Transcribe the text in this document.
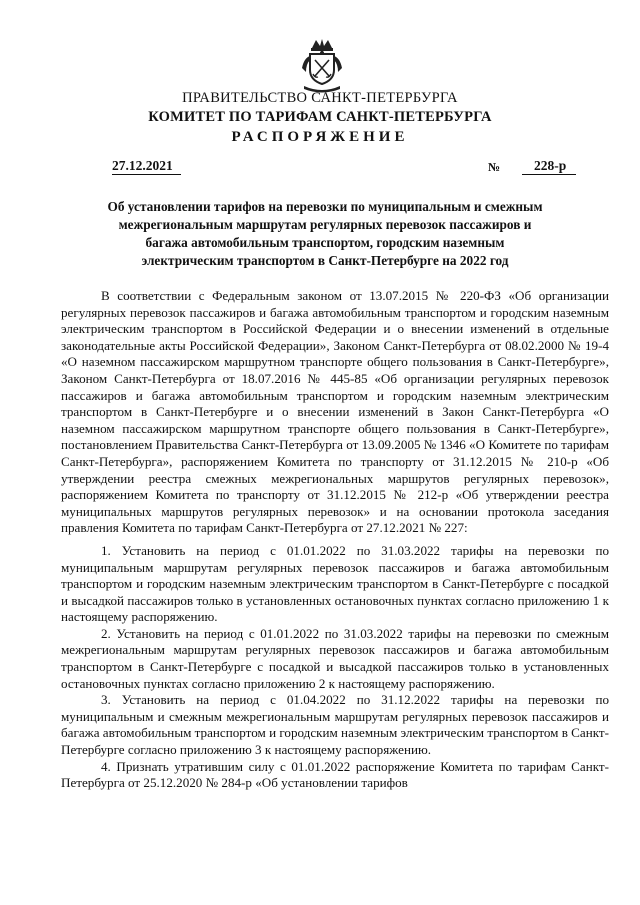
ПРАВИТЕЛЬСТВО САНКТ-ПЕТЕРБУРГА
КОМИТЕТ ПО ТАРИФАМ САНКТ-ПЕТЕРБУРГА
РАСПОРЯЖЕНИЕ
27.12.2021	№	228-р
Об установлении тарифов на перевозки по муниципальным и смежным межрегиональным маршрутам регулярных перевозок пассажиров и багажа автомобильным транспортом, городским наземным электрическим транспортом в Санкт-Петербурге на 2022 год

В соответствии с Федеральным законом от 13.07.2015 № 220-ФЗ «Об организации регулярных перевозок пассажиров и багажа автомобильным транспортом и городским наземным электрическим транспортом в Российской Федерации и о внесении изменений в отдельные законодательные акты Российской Федерации», Законом Санкт-Петербурга от 08.02.2000 № 19-4 «О наземном пассажирском маршрутном транспорте общего пользования в Санкт-Петербурге», Законом Санкт-Петербурга от 18.07.2016 № 445-85 «Об организации регулярных перевозок пассажиров и багажа автомобильным транспортом и городским наземным электрическим транспортом в Санкт-Петербурге и о внесении изменений в Закон Санкт-Петербурга «О наземном пассажирском маршрутном транспорте общего пользования в Санкт-Петербурге», постановлением Правительства Санкт-Петербурга от 13.09.2005 № 1346 «О Комитете по тарифам Санкт-Петербурга», распоряжением Комитета по транспорту от 31.12.2015 № 210-р «Об утверждении реестра смежных межрегиональных маршрутов регулярных перевозок», распоряжением Комитета по транспорту от 31.12.2015 № 212-р «Об утверждении реестра муниципальных маршрутов регулярных перевозок» и на основании протокола заседания правления Комитета по тарифам Санкт-Петербурга от 27.12.2021 № 227:

1. Установить на период с 01.01.2022 по 31.03.2022 тарифы на перевозки по муниципальным маршрутам регулярных перевозок пассажиров и багажа автомобильным транспортом и городским наземным электрическим транспортом в Санкт-Петербурге с посадкой и высадкой пассажиров только в установленных остановочных пунктах согласно приложению 1 к настоящему распоряжению.

2. Установить на период с 01.01.2022 по 31.03.2022 тарифы на перевозки по смежным межрегиональным маршрутам регулярных перевозок пассажиров и багажа автомобильным транспортом в Санкт-Петербурге с посадкой и высадкой пассажиров только в установленных остановочных пунктах согласно приложению 2 к настоящему распоряжению.

3. Установить на период с 01.04.2022 по 31.12.2022 тарифы на перевозки по муниципальным и смежным межрегиональным маршрутам регулярных перевозок пассажиров и багажа автомобильным транспортом и городским наземным электрическим транспортом в Санкт-Петербурге согласно приложению 3 к настоящему распоряжению.

4. Признать утратившим силу с 01.01.2022 распоряжение Комитета по тарифам Санкт-Петербурга от 25.12.2020 № 284-р «Об установлении тарифов
